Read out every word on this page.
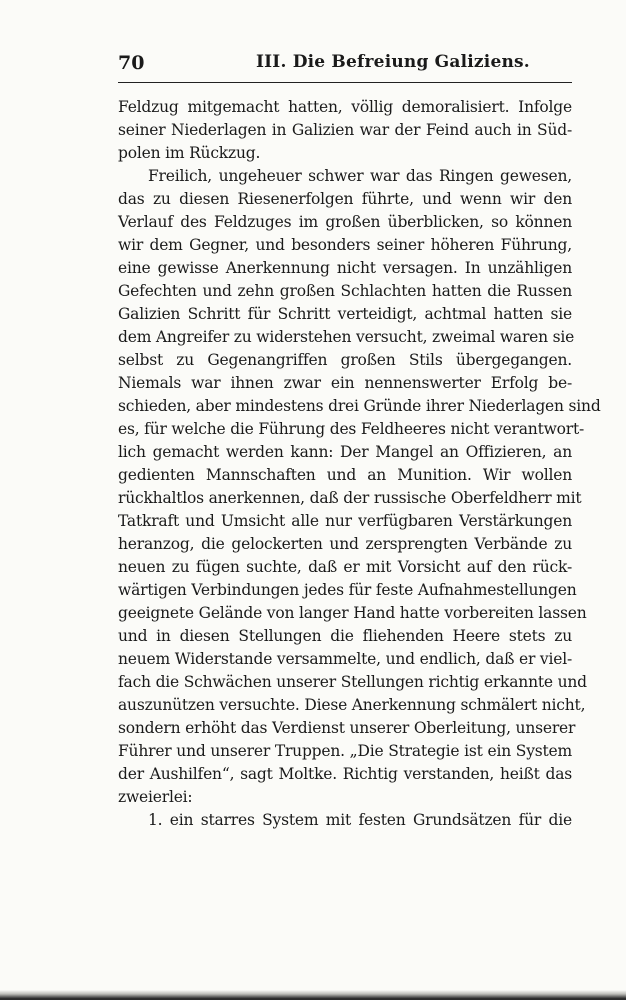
70	III. Die Befreiung Galiziens.
Feldzug mitgemacht hatten, völlig demoralisiert. Infolge
seiner Niederlagen in Galizien war der Feind auch in Süd-
polen im Rückzug.
Freilich, ungeheuer schwer war das Ringen gewesen,
das zu diesen Riesenerfolgen führte, und wenn wir den
Verlauf des Feldzuges im großen überblicken, so können
wir dem Gegner, und besonders seiner höheren Führung,
eine gewisse Anerkennung nicht versagen. In unzähligen
Gefechten und zehn großen Schlachten hatten die Russen
Galizien Schritt für Schritt verteidigt, achtmal hatten sie
dem Angreifer zu widerstehen versucht, zweimal waren sie
selbst zu Gegenangriffen großen Stils übergegangen.
Niemals war ihnen zwar ein nennenswerter Erfolg be-
schieden, aber mindestens drei Gründe ihrer Niederlagen sind
es, für welche die Führung des Feldheeres nicht verantwort-
lich gemacht werden kann: Der Mangel an Offizieren, an
gedienten Mannschaften und an Munition. Wir wollen
rückhaltlos anerkennen, daß der russische Oberfeldherr mit
Tatkraft und Umsicht alle nur verfügbaren Verstärkungen
heranzog, die gelockerten und zersprengten Verbände zu
neuen zu fügen suchte, daß er mit Vorsicht auf den rück-
wärtigen Verbindungen jedes für feste Aufnahmestellungen
geeignete Gelände von langer Hand hatte vorbereiten lassen
und in diesen Stellungen die fliehenden Heere stets zu
neuem Widerstande versammelte, und endlich, daß er viel-
fach die Schwächen unserer Stellungen richtig erkannte und
auszunützen versuchte. Diese Anerkennung schmälert nicht,
sondern erhöht das Verdienst unserer Oberleitung, unserer
Führer und unserer Truppen. „Die Strategie ist ein System
der Aushilfen“, sagt Moltke. Richtig verstanden, heißt das
zweierlei:
1. ein starres System mit festen Grundsätzen für die
